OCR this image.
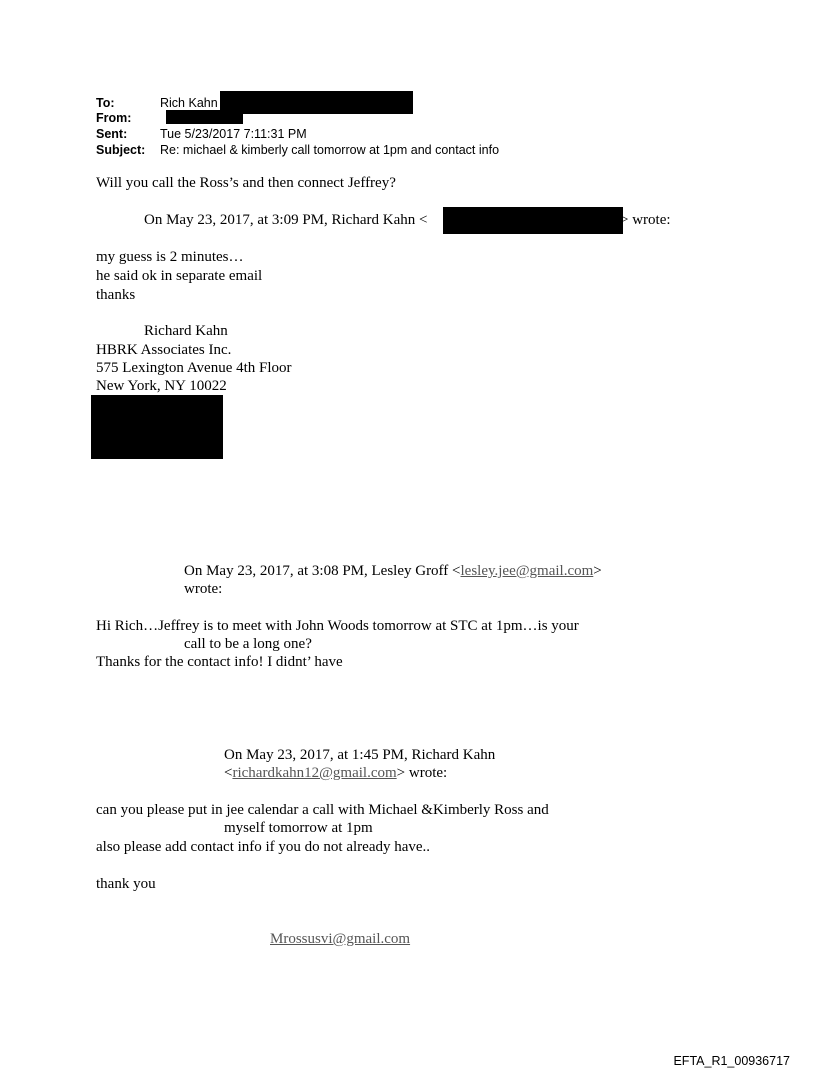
To:	Rich Kahn
From:
Sent:	Tue 5/23/2017 7:11:31 PM
Subject: Re: michael & kimberly call tomorrow at 1pm and contact info
Will you call the Ross’s and then connect Jeffrey?
On May 23, 2017, at 3:09 PM, Richard Kahn <	> wrote:
my guess is 2 minutes…
he said ok in separate email
thanks
Richard Kahn
HBRK Associates Inc.
575 Lexington Avenue 4th Floor
New York, NY 10022
On May 23, 2017, at 3:08 PM, Lesley Groff <lesley.jee@gmail.com>
wrote:
Hi Rich…Jeffrey is to meet with John Woods tomorrow at STC at 1pm…is your
call to be a long one?
Thanks for the contact info! I didnt’ have
On May 23, 2017, at 1:45 PM, Richard Kahn
<richardkahn12@gmail.com> wrote:
can you please put in jee calendar a call with Michael &Kimberly Ross and
myself tomorrow at 1pm
also please add contact info if you do not already have..
thank you
Mrossusvi@gmail.com
EFTA_R1_00936717
